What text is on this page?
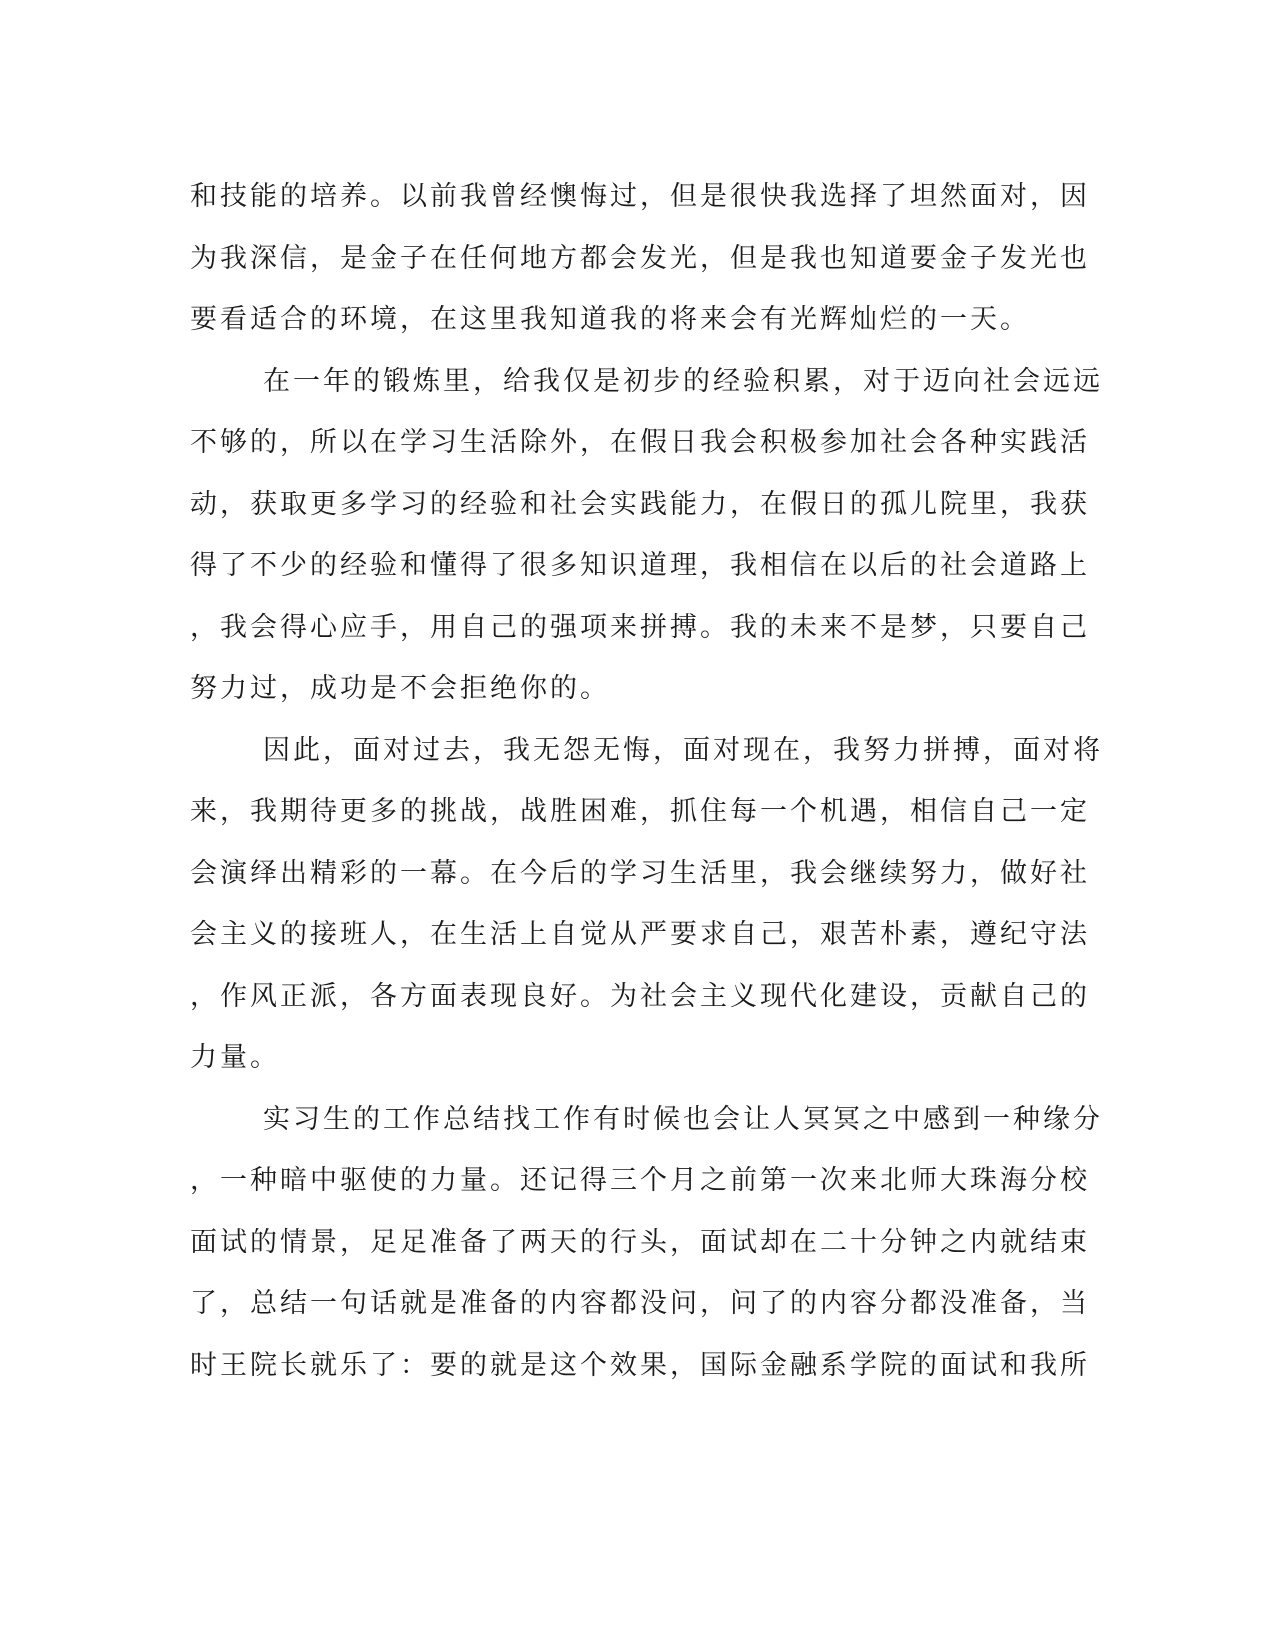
和技能的培养。以前我曾经懊悔过，但是很快我选择了坦然面对，因
为我深信，是金子在任何地方都会发光，但是我也知道要金子发光也
要看适合的环境，在这里我知道我的将来会有光辉灿烂的一天。
在一年的锻炼里，给我仅是初步的经验积累，对于迈向社会远远
不够的，所以在学习生活除外，在假日我会积极参加社会各种实践活
动，获取更多学习的经验和社会实践能力，在假日的孤儿院里，我获
得了不少的经验和懂得了很多知识道理，我相信在以后的社会道路上
，我会得心应手，用自己的强项来拼搏。我的未来不是梦，只要自己
努力过，成功是不会拒绝你的。
因此，面对过去，我无怨无悔，面对现在，我努力拼搏，面对将
来，我期待更多的挑战，战胜困难，抓住每一个机遇，相信自己一定
会演绎出精彩的一幕。在今后的学习生活里，我会继续努力，做好社
会主义的接班人，在生活上自觉从严要求自己，艰苦朴素，遵纪守法
，作风正派，各方面表现良好。为社会主义现代化建设，贡献自己的
力量。
实习生的工作总结找工作有时候也会让人冥冥之中感到一种缘分
，一种暗中驱使的力量。还记得三个月之前第一次来北师大珠海分校
面试的情景，足足准备了两天的行头，面试却在二十分钟之内就结束
了，总结一句话就是准备的内容都没问，问了的内容分都没准备，当
时王院长就乐了：要的就是这个效果，国际金融系学院的面试和我所
